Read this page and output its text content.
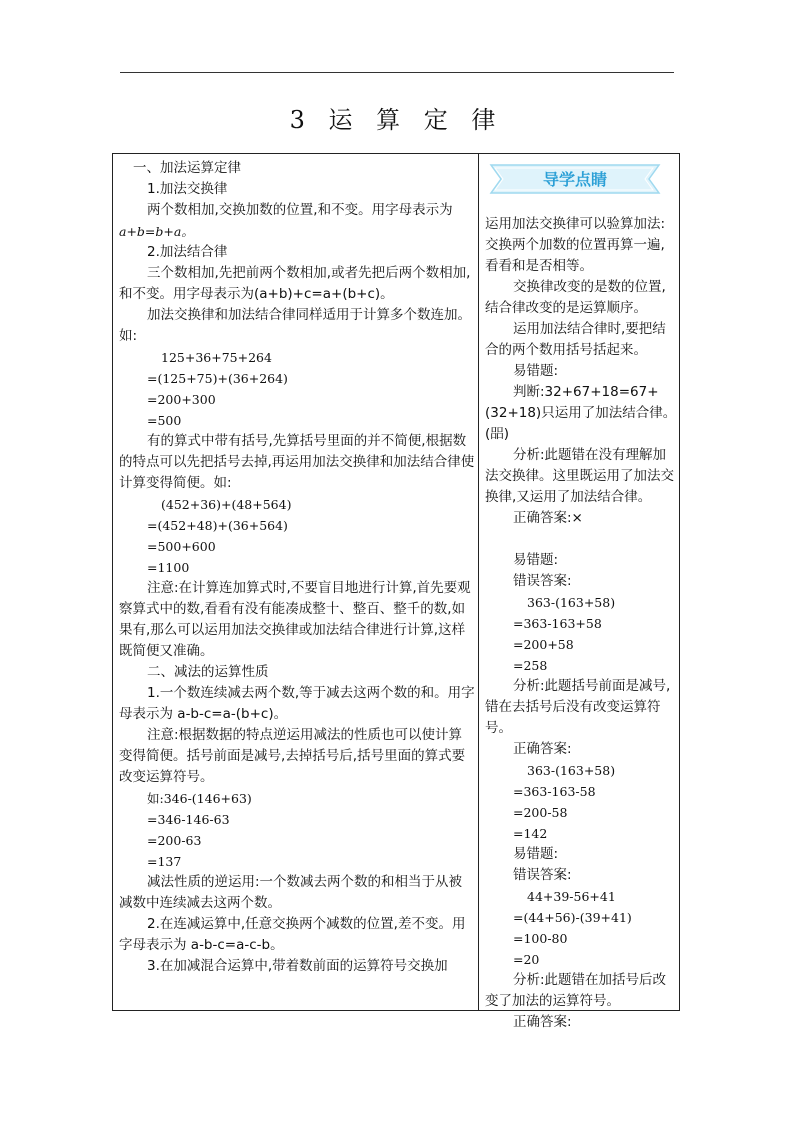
3 运 算 定 律

一、加法运算定律

1.加法交换律

两个数相加,交换加数的位置,和不变。用字母表示为

a+b=b+a。

2.加法结合律

三个数相加,先把前两个数相加,或者先把后两个数相加,和不变。用字母表示为(a+b)+c=a+(b+c)。

加法交换律和加法结合律同样适用于计算多个数连加。如:

125+36+75+264

=(125+75)+(36+264)

=200+300

=500

有的算式中带有括号,先算括号里面的并不简便,根据数的特点可以先把括号去掉,再运用加法交换律和加法结合律使计算变得简便。如:

(452+36)+(48+564)

=(452+48)+(36+564)

=500+600

=1100

注意:在计算连加算式时,不要盲目地进行计算,首先要观察算式中的数,看看有没有能凑成整十、整百、整千的数,如果有,那么可以运用加法交换律或加法结合律进行计算,这样既简便又准确。

二、减法的运算性质

1.一个数连续减去两个数,等于减去这两个数的和。用字母表示为 a-b-c=a-(b+c)。

注意:根据数据的特点逆运用减法的性质也可以使计算变得简便。括号前面是减号,去掉括号后,括号里面的算式要改变运算符号。

如:346-(146+63)

=346-146-63

=200-63

=137

减法性质的逆运用:一个数减去两个数的和相当于从被减数中连续减去这两个数。

2.在连减运算中,任意交换两个减数的位置,差不变。用字母表示为 a-b-c=a-c-b。

3.在加减混合运算中,带着数前面的运算符号交换加

导学点睛

运用加法交换律可以验算加法:交换两个加数的位置再算一遍,看看和是否相等。

交换律改变的是数的位置,结合律改变的是运算顺序。

运用加法结合律时,要把结合的两个数用括号括起来。

易错题:

判断:32+67+18=67+(32+18)只运用了加法结合律。(㗊)

分析:此题错在没有理解加法交换律。这里既运用了加法交换律,又运用了加法结合律。

正确答案:×

易错题:

错误答案:

363-(163+58)

=363-163+58

=200+58

=258

分析:此题括号前面是减号,错在去括号后没有改变运算符号。

正确答案:

363-(163+58)

=363-163-58

=200-58

=142

易错题:

错误答案:

44+39-56+41

=(44+56)-(39+41)

=100-80

=20

分析:此题错在加括号后改变了加法的运算符号。

正确答案:
